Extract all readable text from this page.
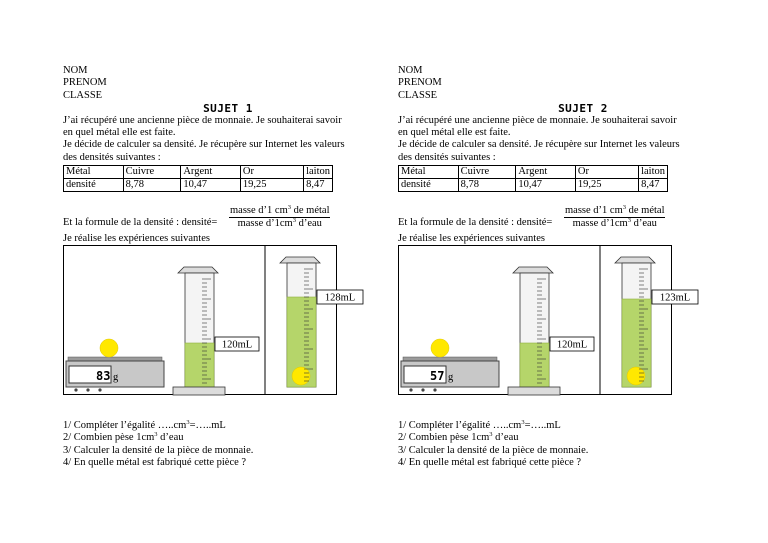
NOM
PRENOM
CLASSE
SUJET 1
J’ai récupéré une ancienne pièce de monnaie. Je souhaiterai savoir
en quel métal elle est faite.
Je décide de calculer sa densité. Je récupère sur Internet les valeurs
des densités suivantes :
Métal	Cuivre	Argent	Or	laiton
densité	8,78	10,47	19,25	8,47
Et la formule de la densité : densité=
masse d’1 $cm^3$ de métal
masse $d’1cm^3$ d’eau
Je réalise les expériences suivantes
83 g
120mL
128mL
1/ Compléter l’égalité $\dots..cm^3=\dots..mL$
2/ Combien pèse $1cm^3$ d’eau
3/ Calculer la densité de la pièce de monnaie.
4/ En quelle métal est fabriqué cette pièce ?
NOM
PRENOM
CLASSE
SUJET 2
J’ai récupéré une ancienne pièce de monnaie. Je souhaiterai savoir
en quel métal elle est faite.
Je décide de calculer sa densité. Je récupère sur Internet les valeurs
des densités suivantes :
Métal	Cuivre	Argent	Or	laiton
densité	8,78	10,47	19,25	8,47
Et la formule de la densité : densité=
masse d’1 $cm^3$ de métal
masse $d’1cm^3$ d’eau
Je réalise les expériences suivantes
57 g
120mL
123mL
1/ Compléter l’égalité $\dots..cm^3=\dots..mL$
2/ Combien pèse $1cm^3$ d’eau
3/ Calculer la densité de la pièce de monnaie.
4/ En quelle métal est fabriqué cette pièce ?
